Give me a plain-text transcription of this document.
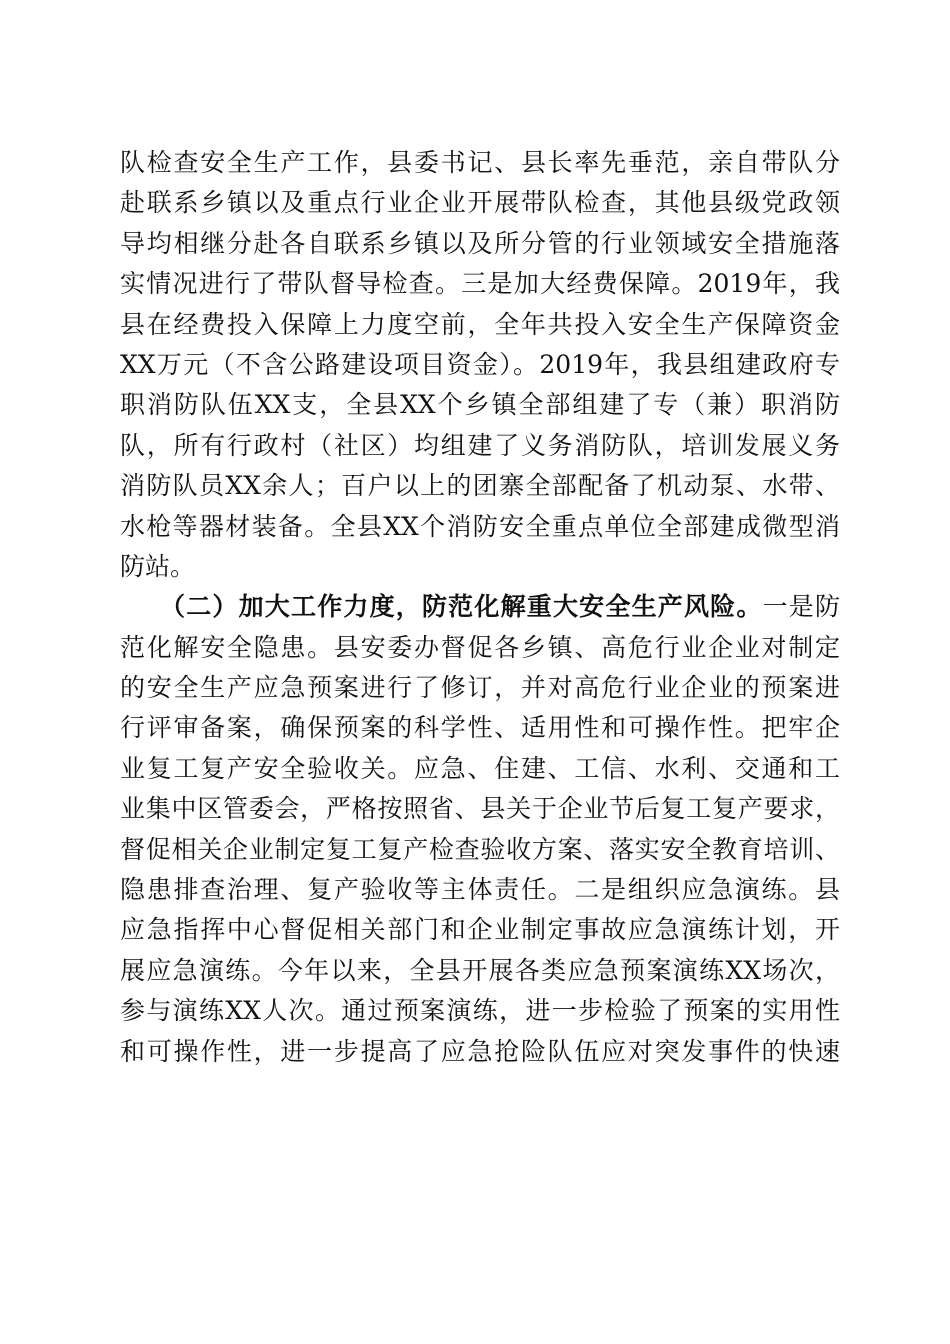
队检查安全生产工作，县委书记、县长率先垂范，亲自带队分
赴联系乡镇以及重点行业企业开展带队检查，其他县级党政领
导均相继分赴各自联系乡镇以及所分管的行业领域安全措施落
实情况进行了带队督导检查。三是加大经费保障。2019年，我
县在经费投入保障上力度空前，全年共投入安全生产保障资金
XX万元（不含公路建设项目资金）。2019年，我县组建政府专
职消防队伍XX支，全县XX个乡镇全部组建了专（兼）职消防
队，所有行政村（社区）均组建了义务消防队，培训发展义务
消防队员XX余人；百户以上的团寨全部配备了机动泵、水带、
水枪等器材装备。全县XX个消防安全重点单位全部建成微型消
防站。
（二）加大工作力度，防范化解重大安全生产风险。一是防
范化解安全隐患。县安委办督促各乡镇、高危行业企业对制定
的安全生产应急预案进行了修订，并对高危行业企业的预案进
行评审备案，确保预案的科学性、适用性和可操作性。把牢企
业复工复产安全验收关。应急、住建、工信、水利、交通和工
业集中区管委会，严格按照省、县关于企业节后复工复产要求，
督促相关企业制定复工复产检查验收方案、落实安全教育培训、
隐患排查治理、复产验收等主体责任。二是组织应急演练。县
应急指挥中心督促相关部门和企业制定事故应急演练计划，开
展应急演练。今年以来，全县开展各类应急预案演练XX场次，
参与演练XX人次。通过预案演练，进一步检验了预案的实用性
和可操作性，进一步提高了应急抢险队伍应对突发事件的快速
